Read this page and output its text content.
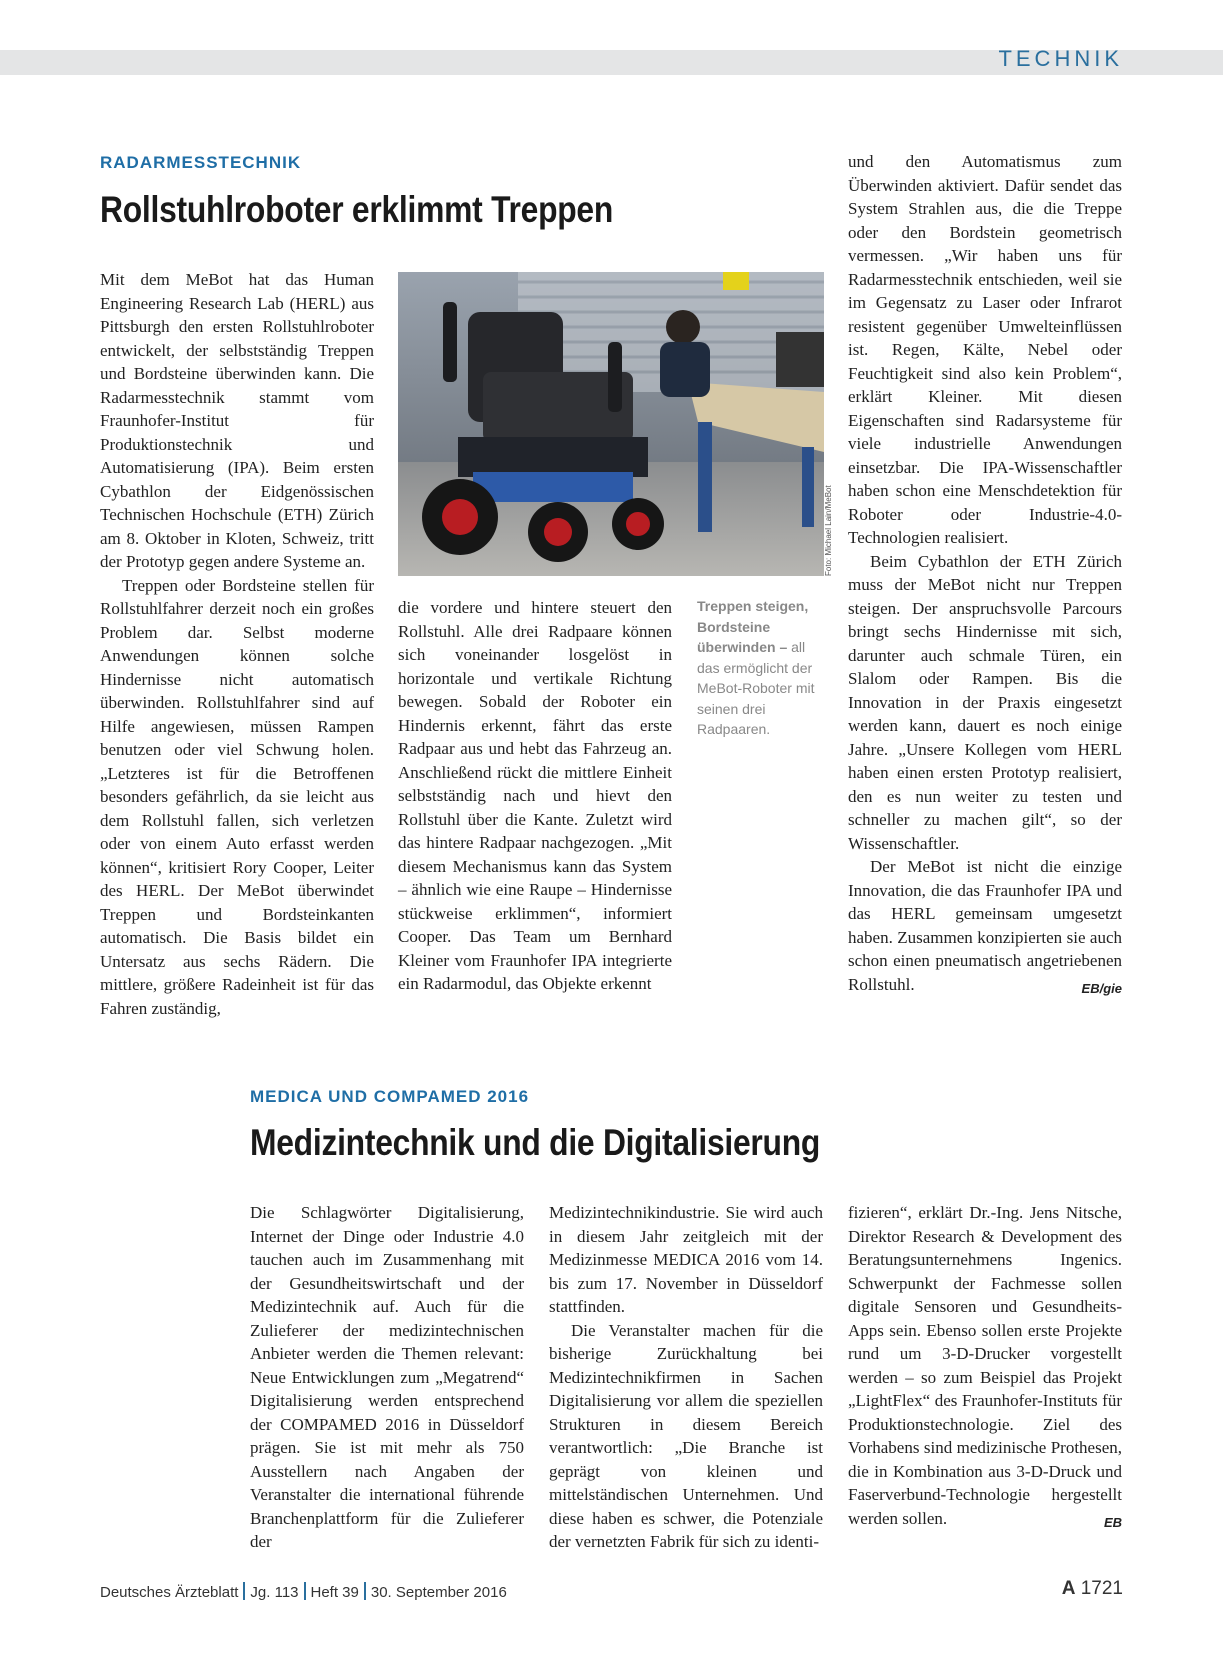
TECHNIK
RADARMESSTECHNIK
Rollstuhlroboter erklimmt Treppen

Mit dem MeBot hat das Human Engineering Research Lab (HERL) aus Pittsburgh den ersten Rollstuhlroboter entwickelt, der selbstständig Treppen und Bordsteine überwinden kann. Die Radarmesstechnik stammt vom Fraunhofer-Institut für Produktionstechnik und Automatisierung (IPA). Beim ersten Cybathlon der Eidgenössischen Technischen Hochschule (ETH) Zürich am 8. Oktober in Kloten, Schweiz, tritt der Prototyp gegen andere Systeme an.

Treppen oder Bordsteine stellen für Rollstuhlfahrer derzeit noch ein großes Problem dar. Selbst moderne Anwendungen können solche Hindernisse nicht automatisch überwinden. Rollstuhlfahrer sind auf Hilfe angewiesen, müssen Rampen benutzen oder viel Schwung holen. „Letzteres ist für die Betroffenen besonders gefährlich, da sie leicht aus dem Rollstuhl fallen, sich verletzen oder von einem Auto erfasst werden können“, kritisiert Rory Cooper, Leiter des HERL. Der MeBot überwindet Treppen und Bordsteinkanten automatisch. Die Basis bildet ein Untersatz aus sechs Rädern. Die mittlere, größere Radeinheit ist für das Fahren zuständig,

Foto: Michael Lain/MeBot

die vordere und hintere steuert den Rollstuhl. Alle drei Radpaare können sich voneinander losgelöst in horizontale und vertikale Richtung bewegen. Sobald der Roboter ein Hindernis erkennt, fährt das erste Radpaar aus und hebt das Fahrzeug an. Anschließend rückt die mittlere Einheit selbstständig nach und hievt den Rollstuhl über die Kante. Zuletzt wird das hintere Radpaar nachgezogen. „Mit diesem Mechanismus kann das System – ähnlich wie eine Raupe – Hindernisse stückweise erklimmen“, informiert Cooper. Das Team um Bernhard Kleiner vom Fraunhofer IPA integrierte ein Radarmodul, das Objekte erkennt

Treppen steigen, Bordsteine überwinden – all das ermöglicht der MeBot-Roboter mit seinen drei Radpaaren.

und den Automatismus zum Überwinden aktiviert. Dafür sendet das System Strahlen aus, die die Treppe oder den Bordstein geometrisch vermessen. „Wir haben uns für Radarmesstechnik entschieden, weil sie im Gegensatz zu Laser oder Infrarot resistent gegenüber Umwelteinflüssen ist. Regen, Kälte, Nebel oder Feuchtigkeit sind also kein Problem“, erklärt Kleiner. Mit diesen Eigenschaften sind Radarsysteme für viele industrielle Anwendungen einsetzbar. Die IPA-Wissenschaftler haben schon eine Menschdetektion für Roboter oder Industrie-4.0-Technologien realisiert.

Beim Cybathlon der ETH Zürich muss der MeBot nicht nur Treppen steigen. Der anspruchsvolle Parcours bringt sechs Hindernisse mit sich, darunter auch schmale Türen, ein Slalom oder Rampen. Bis die Innovation in der Praxis eingesetzt werden kann, dauert es noch einige Jahre. „Unsere Kollegen vom HERL haben einen ersten Prototyp realisiert, den es nun weiter zu testen und schneller zu machen gilt“, so der Wissenschaftler.

Der MeBot ist nicht die einzige Innovation, die das Fraunhofer IPA und das HERL gemeinsam umgesetzt haben. Zusammen konzipierten sie auch schon einen pneumatisch angetriebenen Rollstuhl.	EB/gie

MEDICA UND COMPAMED 2016
Medizintechnik und die Digitalisierung

Die Schlagwörter Digitalisierung, Internet der Dinge oder Industrie 4.0 tauchen auch im Zusammenhang mit der Gesundheitswirtschaft und der Medizintechnik auf. Auch für die Zulieferer der medizintechnischen Anbieter werden die Themen relevant: Neue Entwicklungen zum „Megatrend“ Digitalisierung werden entsprechend der COMPAMED 2016 in Düsseldorf prägen. Sie ist mit mehr als 750 Ausstellern nach Angaben der Veranstalter die international führende Branchenplattform für die Zulieferer der

Medizintechnikindustrie. Sie wird auch in diesem Jahr zeitgleich mit der Medizinmesse MEDICA 2016 vom 14. bis zum 17. November in Düsseldorf stattfinden.

Die Veranstalter machen für die bisherige Zurückhaltung bei Medizintechnikfirmen in Sachen Digitalisierung vor allem die speziellen Strukturen in diesem Bereich verantwortlich: „Die Branche ist geprägt von kleinen und mittelständischen Unternehmen. Und diese haben es schwer, die Potenziale der vernetzten Fabrik für sich zu identi-

fizieren“, erklärt Dr.-Ing. Jens Nitsche, Direktor Research & Development des Beratungsunternehmens Ingenics. Schwerpunkt der Fachmesse sollen digitale Sensoren und Gesundheits-Apps sein. Ebenso sollen erste Projekte rund um 3-D-Drucker vorgestellt werden – so zum Beispiel das Projekt „LightFlex“ des Fraunhofer-Instituts für Produktionstechnologie. Ziel des Vorhabens sind medizinische Prothesen, die in Kombination aus 3-D-Druck und Faserverbund-Technologie hergestellt werden sollen.	EB

Deutsches Ärzteblatt Jg. 113 Heft 39 30. September 2016	A 1721
